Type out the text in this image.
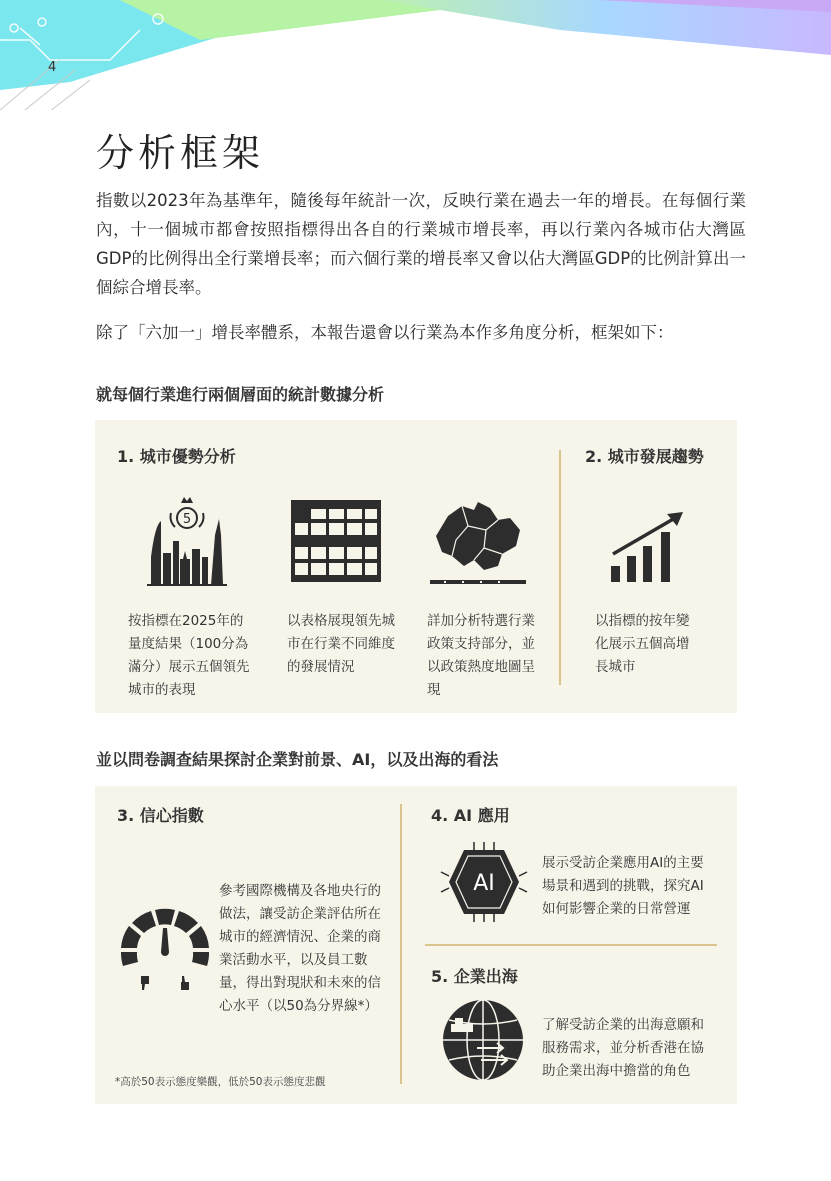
4
分析框架

指數以2023年為基準年，隨後每年統計一次，反映行業在過去一年的增長。在每個行業內，十一個城市都會按照指標得出各自的行業城市增長率，再以行業內各城市佔大灣區GDP的比例得出全行業增長率；而六個行業的增長率又會以佔大灣區GDP的比例計算出一個綜合增長率。

除了「六加一」增長率體系，本報告還會以行業為本作多角度分析，框架如下：

就每個行業進行兩個層面的統計數據分析
1. 城市優勢分析	2. 城市發展趨勢
5

按指標在2025年的量度結果（100分為滿分）展示五個領先城市的表現

以表格展現領先城市在行業不同維度的發展情況

詳加分析特選行業政策支持部分，並以政策熱度地圖呈現

以指標的按年變化展示五個高增長城市

並以問卷調查結果探討企業對前景、AI，以及出海的看法
3. 信心指數

參考國際機構及各地央行的做法，讓受訪企業評估所在城市的經濟情況、企業的商業活動水平，以及員工數量，得出對現狀和未來的信心水平（以50為分界線*）

*高於50表示態度樂觀，低於50表示態度悲觀
4. AI 應用
AI

展示受訪企業應用AI的主要場景和遇到的挑戰，探究AI如何影響企業的日常營運

5. 企業出海

了解受訪企業的出海意願和服務需求，並分析香港在協助企業出海中擔當的角色
